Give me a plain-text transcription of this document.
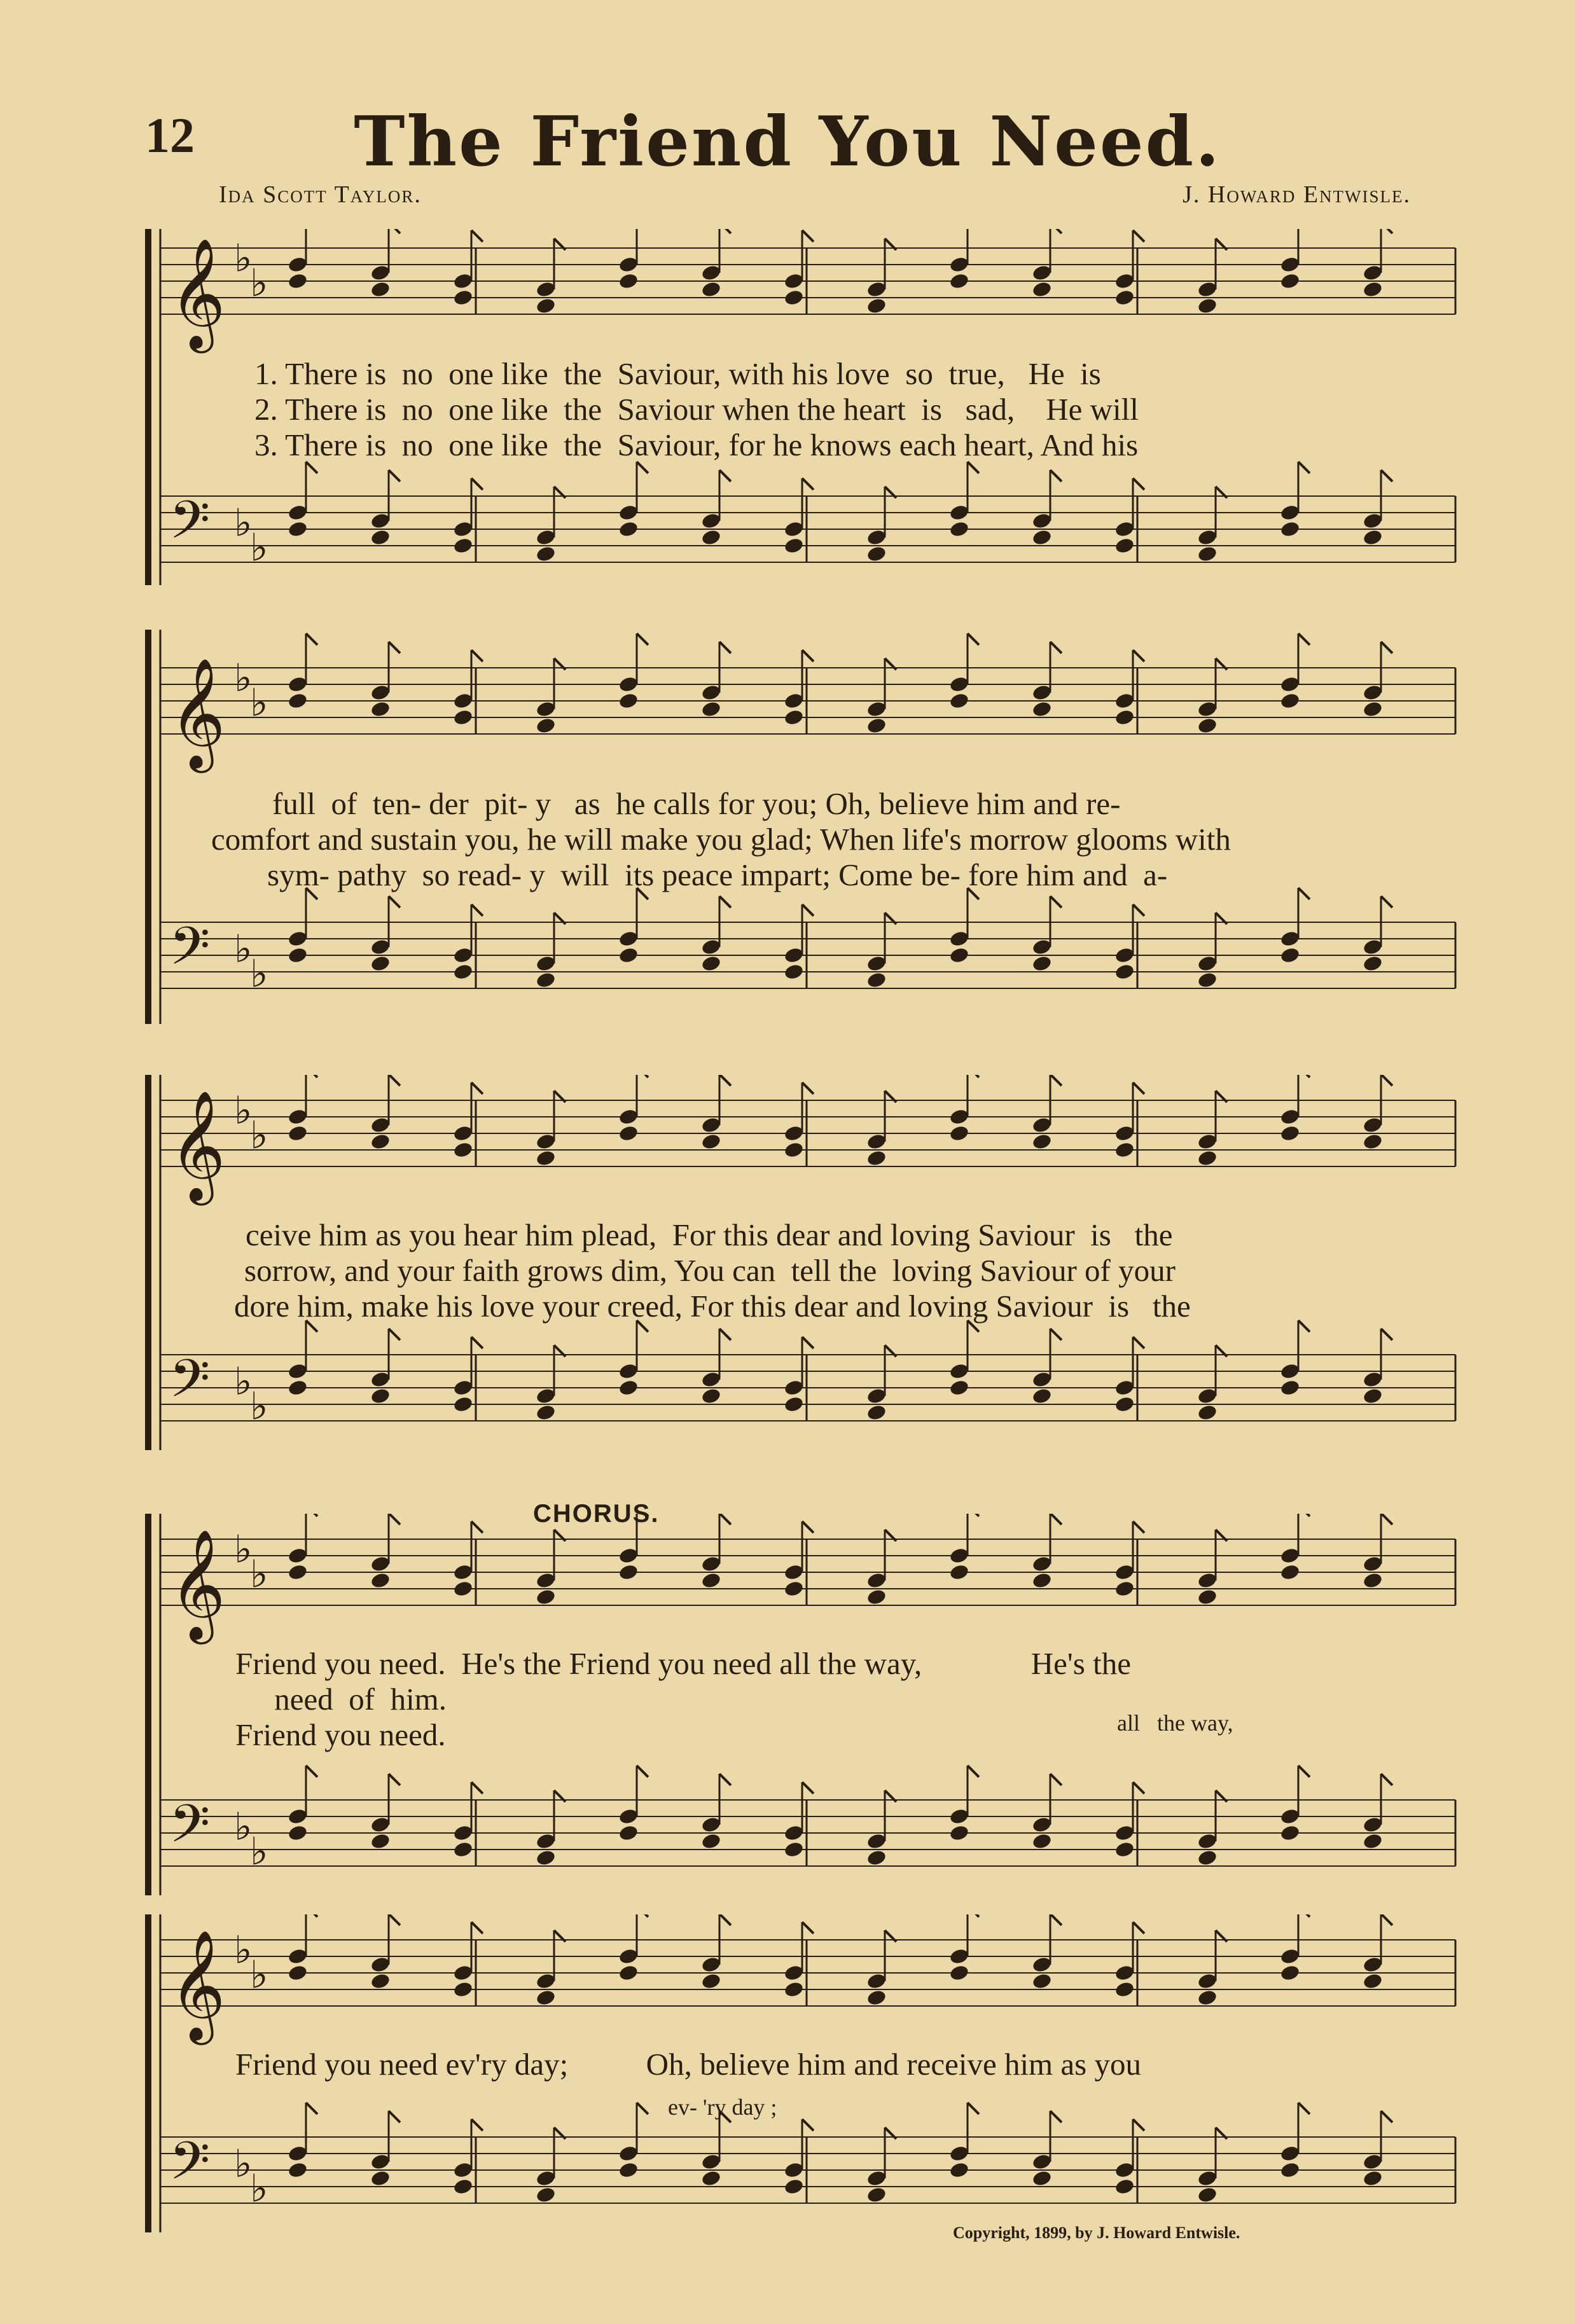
12	The Friend You Need.
Ida Scott Taylor.	J. Howard Entwisle.
𝄞 ♭
♭
𝄢 ♭
♭
1. There is  no  one like  the  Saviour, with his love  so  true,   He  is
2. There is  no  one like  the  Saviour when the heart  is   sad,    He will
3. There is  no  one like  the  Saviour, for he knows each heart, And his
𝄞 ♭
♭
𝄢 ♭
♭
full  of  ten- der  pit- y   as  he calls for you; Oh, believe him and re-
comfort and sustain you, he will make you glad; When life's morrow glooms with
sym- pathy  so read- y  will  its peace impart; Come be- fore him and  a-
𝄞 ♭
♭
𝄢 ♭
♭
ceive him as you hear him plead,  For this dear and loving Saviour  is   the
sorrow, and your faith grows dim, You can  tell the  loving Saviour of your
dore him, make his love your creed, For this dear and loving Saviour  is   the
CHORUS.
𝄞 ♭
♭
𝄢 ♭
♭
Friend you need.  He's the Friend you need all the way,              He's the
need  of  him.
Friend you need.	all   the way,
𝄞 ♭
♭
𝄢 ♭
♭
Friend you need ev'ry day;          Oh, believe him and receive him as you
ev- 'ry day ;
Copyright, 1899, by J. Howard Entwisle.
